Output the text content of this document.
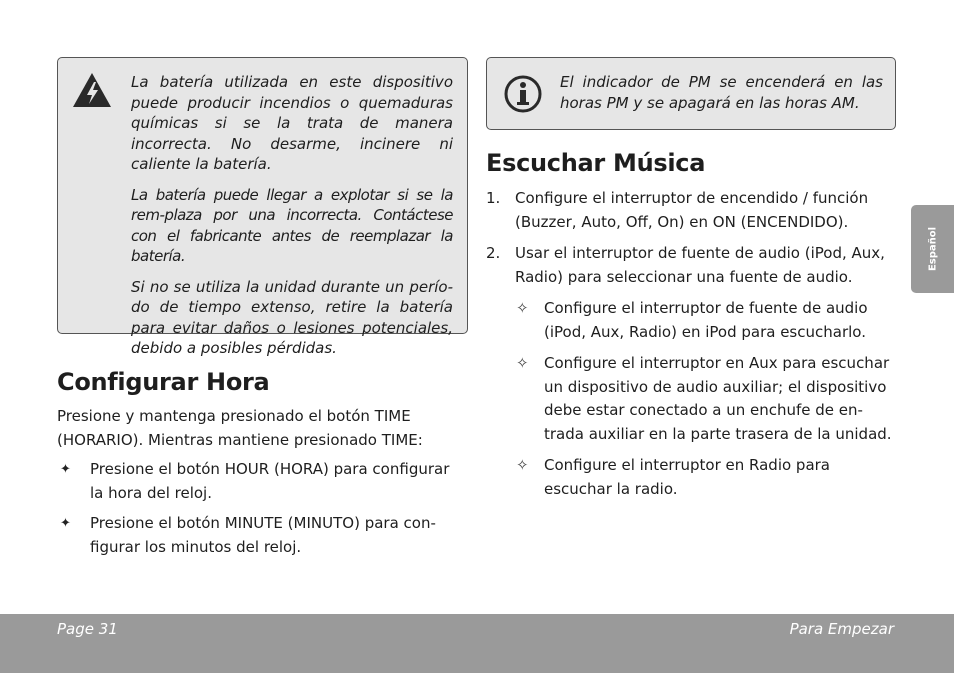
La batería utilizada en este dispositivo puede producir incendios o quemaduras químicas si se la trata de manera incorrecta. No desarme, incinere ni caliente la batería.

La batería puede llegar a explotar si se la rem-plaza por una incorrecta. Contáctese con el fabricante antes de reemplazar la batería.

Si no se utiliza la unidad durante un perío-do de tiempo extenso, retire la batería para evitar daños o lesiones potenciales, debido a posibles pérdidas.

El indicador de PM se encenderá en las horas PM y se apagará en las horas AM.

Configurar Hora

Presione y mantenga presionado el botón TIME (HORARIO). Mientras mantiene presionado TIME:

✦ Presione el botón HOUR (HORA) para configurar la hora del reloj.
✦ Presione el botón MINUTE (MINUTO) para con-figurar los minutos del reloj.
Escuchar Música
1. Configure el interruptor de encendido / función (Buzzer, Auto, Off, On) en ON (ENCENDIDO).
2. Usar el interruptor de fuente de audio (iPod, Aux, Radio) para seleccionar una fuente de audio.
✧ Configure el interruptor de fuente de audio (iPod, Aux, Radio) en iPod para escucharlo.
✧ Configure el interruptor en Aux para escuchar un dispositivo de audio auxiliar; el dispositivo debe estar conectado a un enchufe de en-trada auxiliar en la parte trasera de la unidad.
✧ Configure el interruptor en Radio para escuchar la radio.
Español
Page 31	Para Empezar
